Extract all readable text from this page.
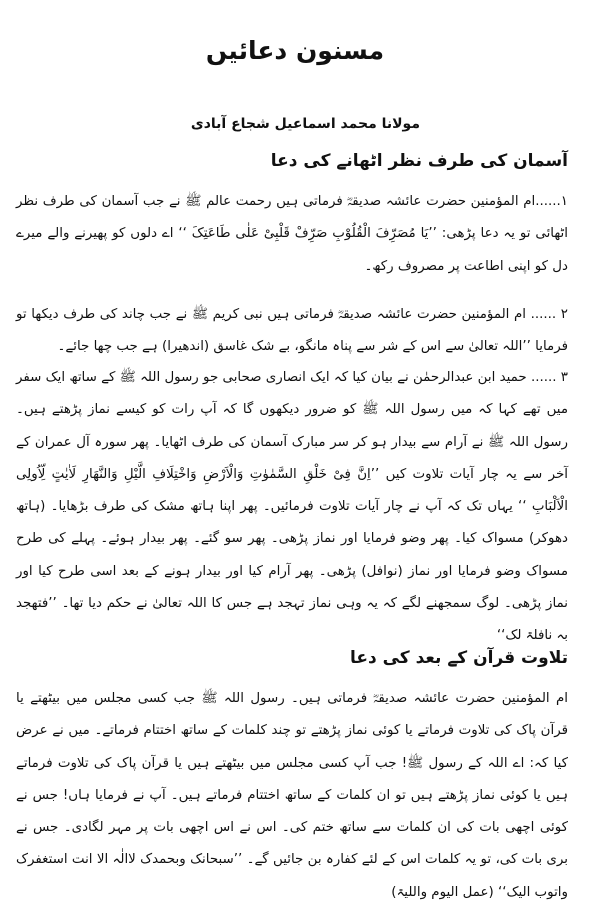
مسنون دعائیں
مولانا محمد اسماعیل شجاع آبادی
آسمان کی طرف نظر اٹھانے کی دعا
۱......ام المؤمنین حضرت عائشہ صدیقہؓ فرماتی ہیں رحمت عالم ﷺ نے جب آسمان کی طرف نظر اٹھائی تو یہ دعا پڑھی: ’’یَا مُصَرِّفَ الْقُلُوْبِ صَرِّفْ قَلْبِیْ عَلٰی طَاعَتِکَ ‘‘ اے دلوں کو پھیرنے والے میرے دل کو اپنی اطاعت پر مصروف رکھ۔
۲ ...... ام المؤمنین حضرت عائشہ صدیقہؓ فرماتی ہیں نبی کریم ﷺ نے جب چاند کی طرف دیکھا تو فرمایا ’’اللہ تعالیٰ سے اس کے شر سے پناہ مانگو، بے شک غاسق (اندھیرا) ہے جب چھا جائے۔
۳ ...... حمید ابن عبدالرحمٰن نے بیان کیا کہ ایک انصاری صحابی جو رسول اللہ ﷺ کے ساتھ ایک سفر میں تھے کہا کہ میں رسول اللہ ﷺ کو ضرور دیکھوں گا کہ آپ رات کو کیسے نماز پڑھتے ہیں۔ رسول اللہ ﷺ نے آرام سے بیدار ہو کر سر مبارک آسمان کی طرف اٹھایا۔ پھر سورہ آل عمران کے آخر سے یہ چار آیات تلاوت کیں ’’اِنَّ فِیْ خَلْقِ السَّمٰوٰتِ وَالْاَرْضِ وَاخْتِلَافِ الَّیْلِ وَالنَّھَارِ لَاٰیٰتٍ لِّاُولِی الْاَلْبَابِ ‘‘ یہاں تک کہ آپ نے چار آیات تلاوت فرمائیں۔ پھر اپنا ہاتھ مشک کی طرف بڑھایا۔ (ہاتھ دھوکر) مسواک کیا۔ پھر وضو فرمایا اور نماز پڑھی۔ پھر سو گئے۔ پھر بیدار ہوئے۔ پہلے کی طرح مسواک وضو فرمایا اور نماز (نوافل) پڑھی۔ پھر آرام کیا اور بیدار ہونے کے بعد اسی طرح کیا اور نماز پڑھی۔ لوگ سمجھنے لگے کہ یہ وہی نماز تہجد ہے جس کا اللہ تعالیٰ نے حکم دیا تھا۔ ’’فتھجد بہ نافلۃ لک‘‘
تلاوت قرآن کے بعد کی دعا
ام المؤمنین حضرت عائشہ صدیقہؓ فرماتی ہیں۔ رسول اللہ ﷺ جب کسی مجلس میں بیٹھتے یا قرآن پاک کی تلاوت فرماتے یا کوئی نماز پڑھتے تو چند کلمات کے ساتھ اختتام فرماتے۔ میں نے عرض کیا کہ: اے اللہ کے رسول ﷺ! جب آپ کسی مجلس میں بیٹھتے ہیں یا قرآن پاک کی تلاوت فرماتے ہیں یا کوئی نماز پڑھتے ہیں تو ان کلمات کے ساتھ اختتام فرماتے ہیں۔ آپ نے فرمایا ہاں! جس نے کوئی اچھی بات کی ان کلمات سے ساتھ ختم کی۔ اس نے اس اچھی بات پر مہر لگادی۔ جس نے بری بات کی، تو یہ کلمات اس کے لئے کفارہ بن جائیں گے۔ ’’سبحانک وبحمدک لاالٰہ الا انت استغفرک واتوب الیک‘‘ (عمل الیوم واللیۃ)
